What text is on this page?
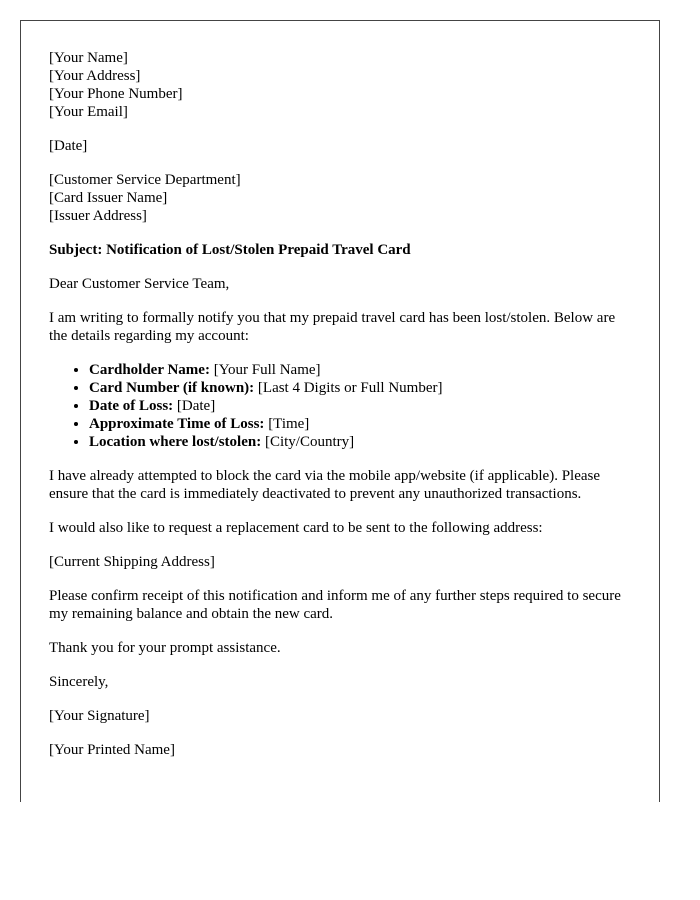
[Your Name]
[Your Address]
[Your Phone Number]
[Your Email]

[Date]

[Customer Service Department]
[Card Issuer Name]
[Issuer Address]

Subject: Notification of Lost/Stolen Prepaid Travel Card

Dear Customer Service Team,

I am writing to formally notify you that my prepaid travel card has been lost/stolen. Below are the details regarding my account:

• Cardholder Name: [Your Full Name]
• Card Number (if known): [Last 4 Digits or Full Number]
• Date of Loss: [Date]
• Approximate Time of Loss: [Time]
• Location where lost/stolen: [City/Country]

I have already attempted to block the card via the mobile app/website (if applicable). Please ensure that the card is immediately deactivated to prevent any unauthorized transactions.

I would also like to request a replacement card to be sent to the following address:

[Current Shipping Address]

Please confirm receipt of this notification and inform me of any further steps required to secure my remaining balance and obtain the new card.

Thank you for your prompt assistance.

Sincerely,

[Your Signature]

[Your Printed Name]
